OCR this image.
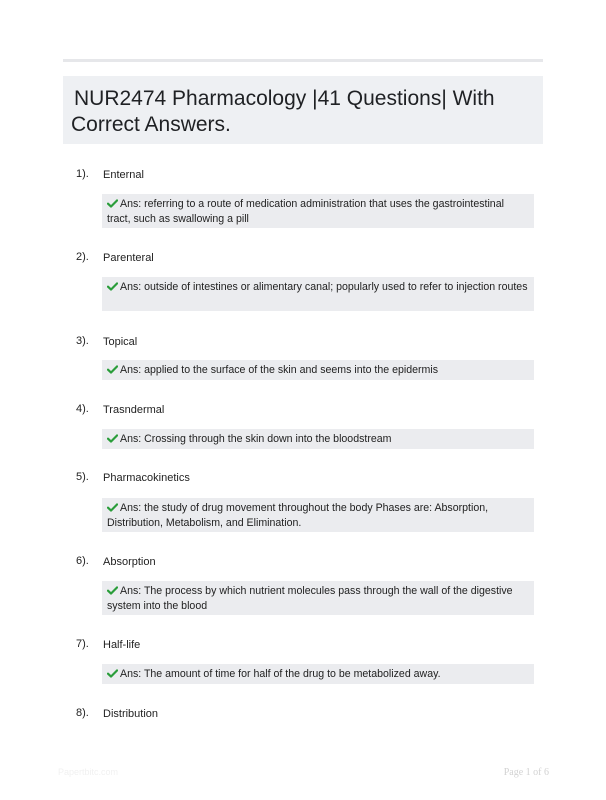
NUR2474 Pharmacology |41 Questions| With
Correct Answers.
1). Enternal
Ans: referring to a route of medication administration that uses the gastrointestinal tract, such as swallowing a pill
2). Parenteral
Ans: outside of intestines or alimentary canal; popularly used to refer to injection routes
3). Topical
Ans: applied to the surface of the skin and seems into the epidermis
4). Trasndermal
Ans: Crossing through the skin down into the bloodstream
5). Pharmacokinetics
Ans: the study of drug movement throughout the body Phases are: Absorption, Distribution, Metabolism, and Elimination.
6). Absorption
Ans: The process by which nutrient molecules pass through the wall of the digestive system into the blood
7). Half-life
Ans: The amount of time for half of the drug to be metabolized away.
8). Distribution
Papertbitc.com	Page 1 of 6
